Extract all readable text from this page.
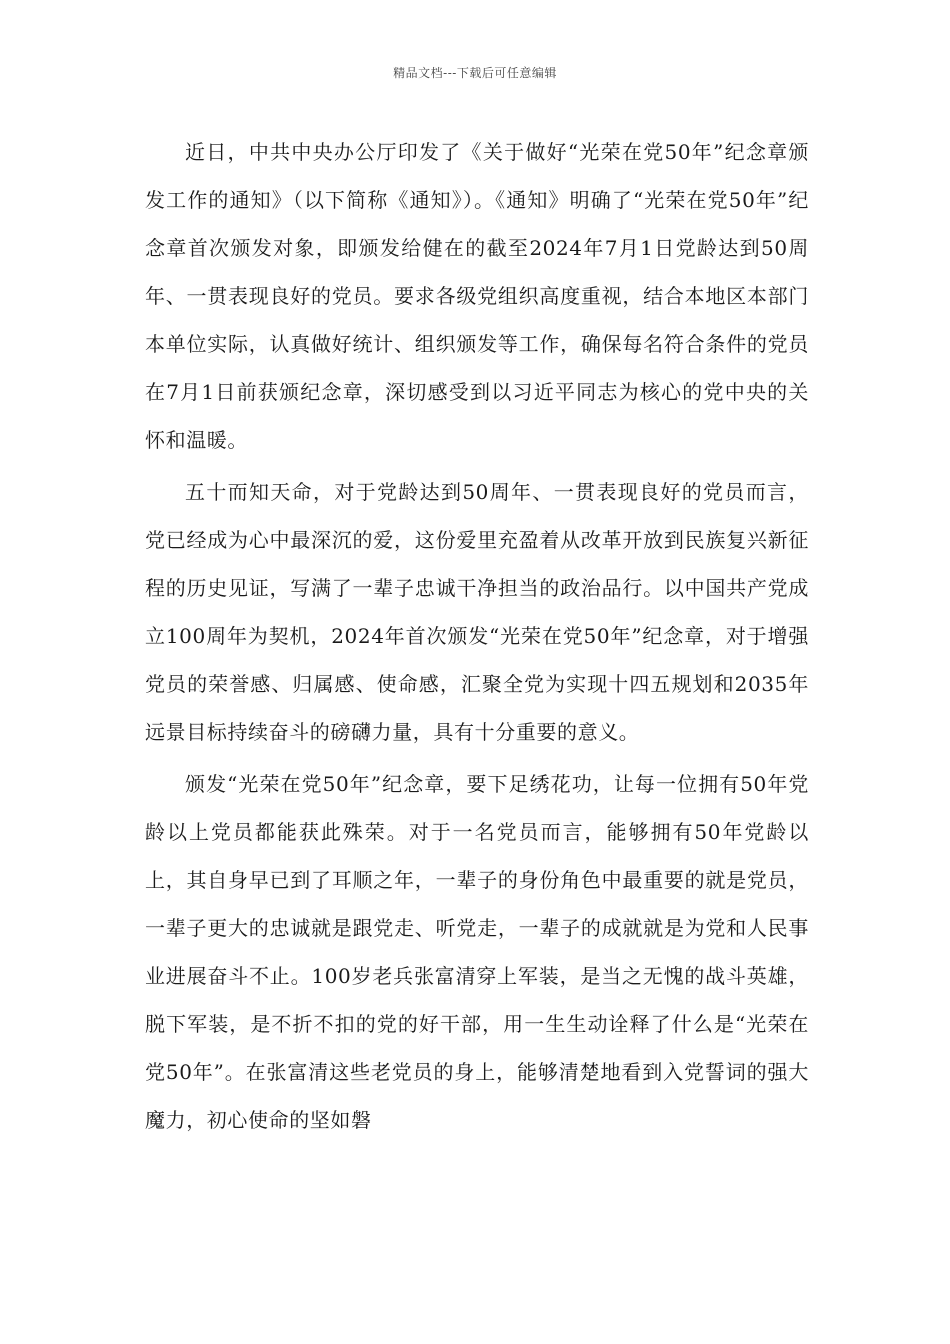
精品文档---下载后可任意编辑

近日，中共中央办公厅印发了《关于做好“光荣在党50年”纪念章颁发工作的通知》（以下简称《通知》）。《通知》明确了“光荣在党50年”纪念章首次颁发对象，即颁发给健在的截至2024年7月1日党龄达到50周年、一贯表现良好的党员。要求各级党组织高度重视，结合本地区本部门本单位实际，认真做好统计、组织颁发等工作，确保每名符合条件的党员在7月1日前获颁纪念章，深切感受到以习近平同志为核心的党中央的关怀和温暖。

五十而知天命，对于党龄达到50周年、一贯表现良好的党员而言，党已经成为心中最深沉的爱，这份爱里充盈着从改革开放到民族复兴新征程的历史见证，写满了一辈子忠诚干净担当的政治品行。以中国共产党成立100周年为契机，2024年首次颁发“光荣在党50年”纪念章，对于增强党员的荣誉感、归属感、使命感，汇聚全党为实现十四五规划和2035年远景目标持续奋斗的磅礴力量，具有十分重要的意义。

颁发“光荣在党50年”纪念章，要下足绣花功，让每一位拥有50年党龄以上党员都能获此殊荣。对于一名党员而言，能够拥有50年党龄以上，其自身早已到了耳顺之年，一辈子的身份角色中最重要的就是党员，一辈子更大的忠诚就是跟党走、听党走，一辈子的成就就是为党和人民事业进展奋斗不止。100岁老兵张富清穿上军装，是当之无愧的战斗英雄，脱下军装，是不折不扣的党的好干部，用一生生动诠释了什么是“光荣在党50年”。在张富清这些老党员的身上，能够清楚地看到入党誓词的强大魔力，初心使命的坚如磐
